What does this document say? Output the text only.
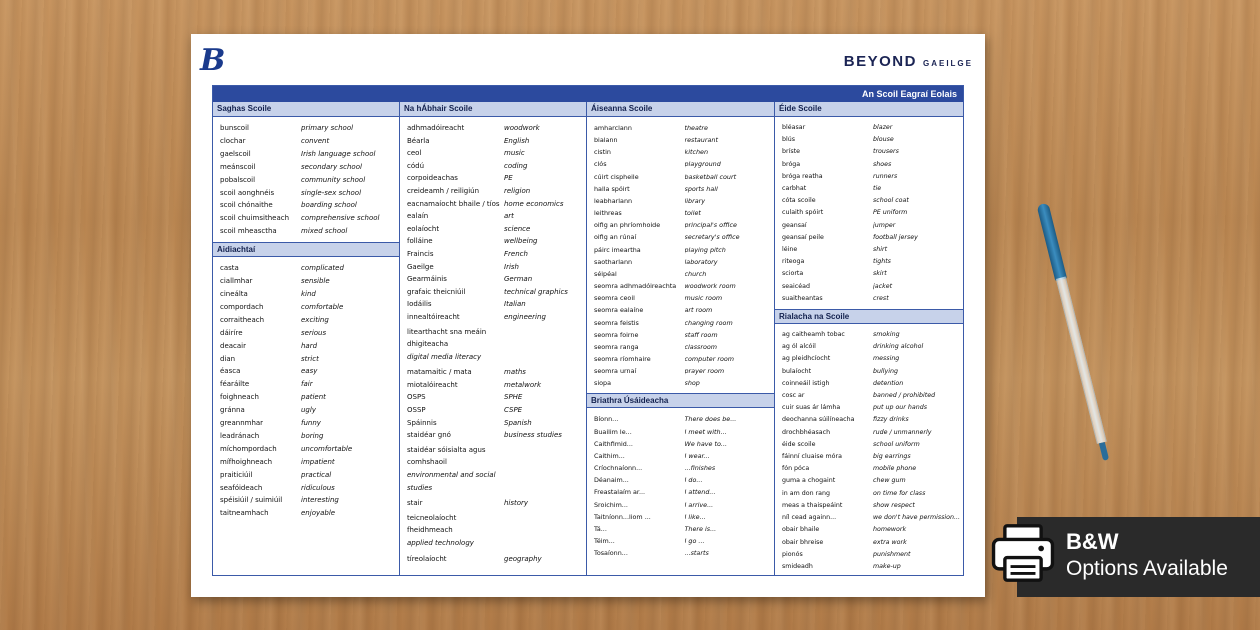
B	BEYOND GAEILGE
An Scoil Eagraí Eolais
Saghas Scoile
bunscoil	primary school
clochar	convent
gaelscoil	Irish language school
meánscoil	secondary school
pobalscoil	community school
scoil aonghnéis	single-sex school
scoil chónaithe	boarding school
scoil chuimsitheach	comprehensive school
scoil mheasctha	mixed school
Aidiachtaí
casta	complicated
ciallmhar	sensible
cineálta	kind
compordach	comfortable
corraitheach	exciting
dáiríre	serious
deacair	hard
dian	strict
éasca	easy
féaráilte	fair
foighneach	patient
gránna	ugly
greannmhar	funny
leadránach	boring
míchompordach	uncomfortable
mífhoighneach	impatient
praiticiúil	practical
seafóideach	ridiculous
spéisiúil / suimiúil	interesting
taitneamhach	enjoyable
Na hÁbhair Scoile
adhmadóireacht	woodwork
Béarla	English
ceol	music
códú	coding
corpoideachas	PE
creideamh / reiligiún	religion
eacnamaíocht bhaile / tíos home economics
ealaín	art
eolaíocht	science
folláine	wellbeing
Fraincis	French
Gaeilge	Irish
Gearmáinis	German
grafaic theicniúil	technical graphics
Iodáilis	Italian
innealtóireacht	engineering
litearthacht sna meáin dhigiteacha
digital media literacy
matamaitic / mata	maths
miotalóireacht	metalwork
OSPS	SPHE
OSSP	CSPE
Spáinnis	Spanish
staidéar gnó	business studies
staidéar sóisialta agus comhshaoil
environmental and social studies
stair	history
teicneolaíocht fheidhmeach
applied technology
tíreolaíocht	geography
Áiseanna Scoile
amharclann	theatre
bialann	restaurant
cistin	kitchen
clós	playground
cúirt cispheile	basketball court
halla spóirt	sports hall
leabharlann	library
leithreas	toilet
oifig an phríomhoide	principal's office
oifig an rúnaí	secretary's office
páirc imeartha	playing pitch
saotharlann	laboratory
séipéal	church
seomra adhmadóireachta	woodwork room
seomra ceoil	music room
seomra ealaíne	art room
seomra feistis	changing room
seomra foirne	staff room
seomra ranga	classroom
seomra ríomhaire	computer room
seomra urnaí	prayer room
siopa	shop
Briathra Úsáideacha
Bíonn...	There does be...
Buailim le...	I meet with...
Caithfimid...	We have to...
Caithim...	I wear...
Críochnaíonn...	...finishes
Déanaim...	I do...
Freastalaím ar...	I attend...
Sroichim...	I arrive...
Taitníonn...liom ...	I like...
Tá...	There is...
Téim...	I go ...
Tosaíonn...	...starts
Éide Scoile
bléasar	blazer
blús	blouse
bríste	trousers
bróga	shoes
bróga reatha	runners
carbhat	tie
cóta scoile	school coat
culaith spóirt	PE uniform
geansaí	jumper
geansaí peile	football jersey
léine	shirt
riteoga	tights
sciorta	skirt
seaicéad	jacket
suaitheantas	crest
Rialacha na Scoile
ag caitheamh tobac	smoking
ag ól alcóil	drinking alcohol
ag pleidhcíocht	messing
bulaíocht	bullying
coinneáil istigh	detention
cosc ar	banned / prohibited
cuir suas ár lámha	put up our hands
deochanna súilíneacha	fizzy drinks
drochbhéasach	rude / unmannerly
éide scoile	school uniform
fáinní cluaise móra	big earrings
fón póca	mobile phone
guma a chogaint	chew gum
in am don rang	on time for class
meas a thaispeáint	show respect
níl cead againn...	we don't have permission...
obair bhaile	homework
obair bhreise	extra work
pionós	punishment
smideadh	make-up
B&W
Options Available
